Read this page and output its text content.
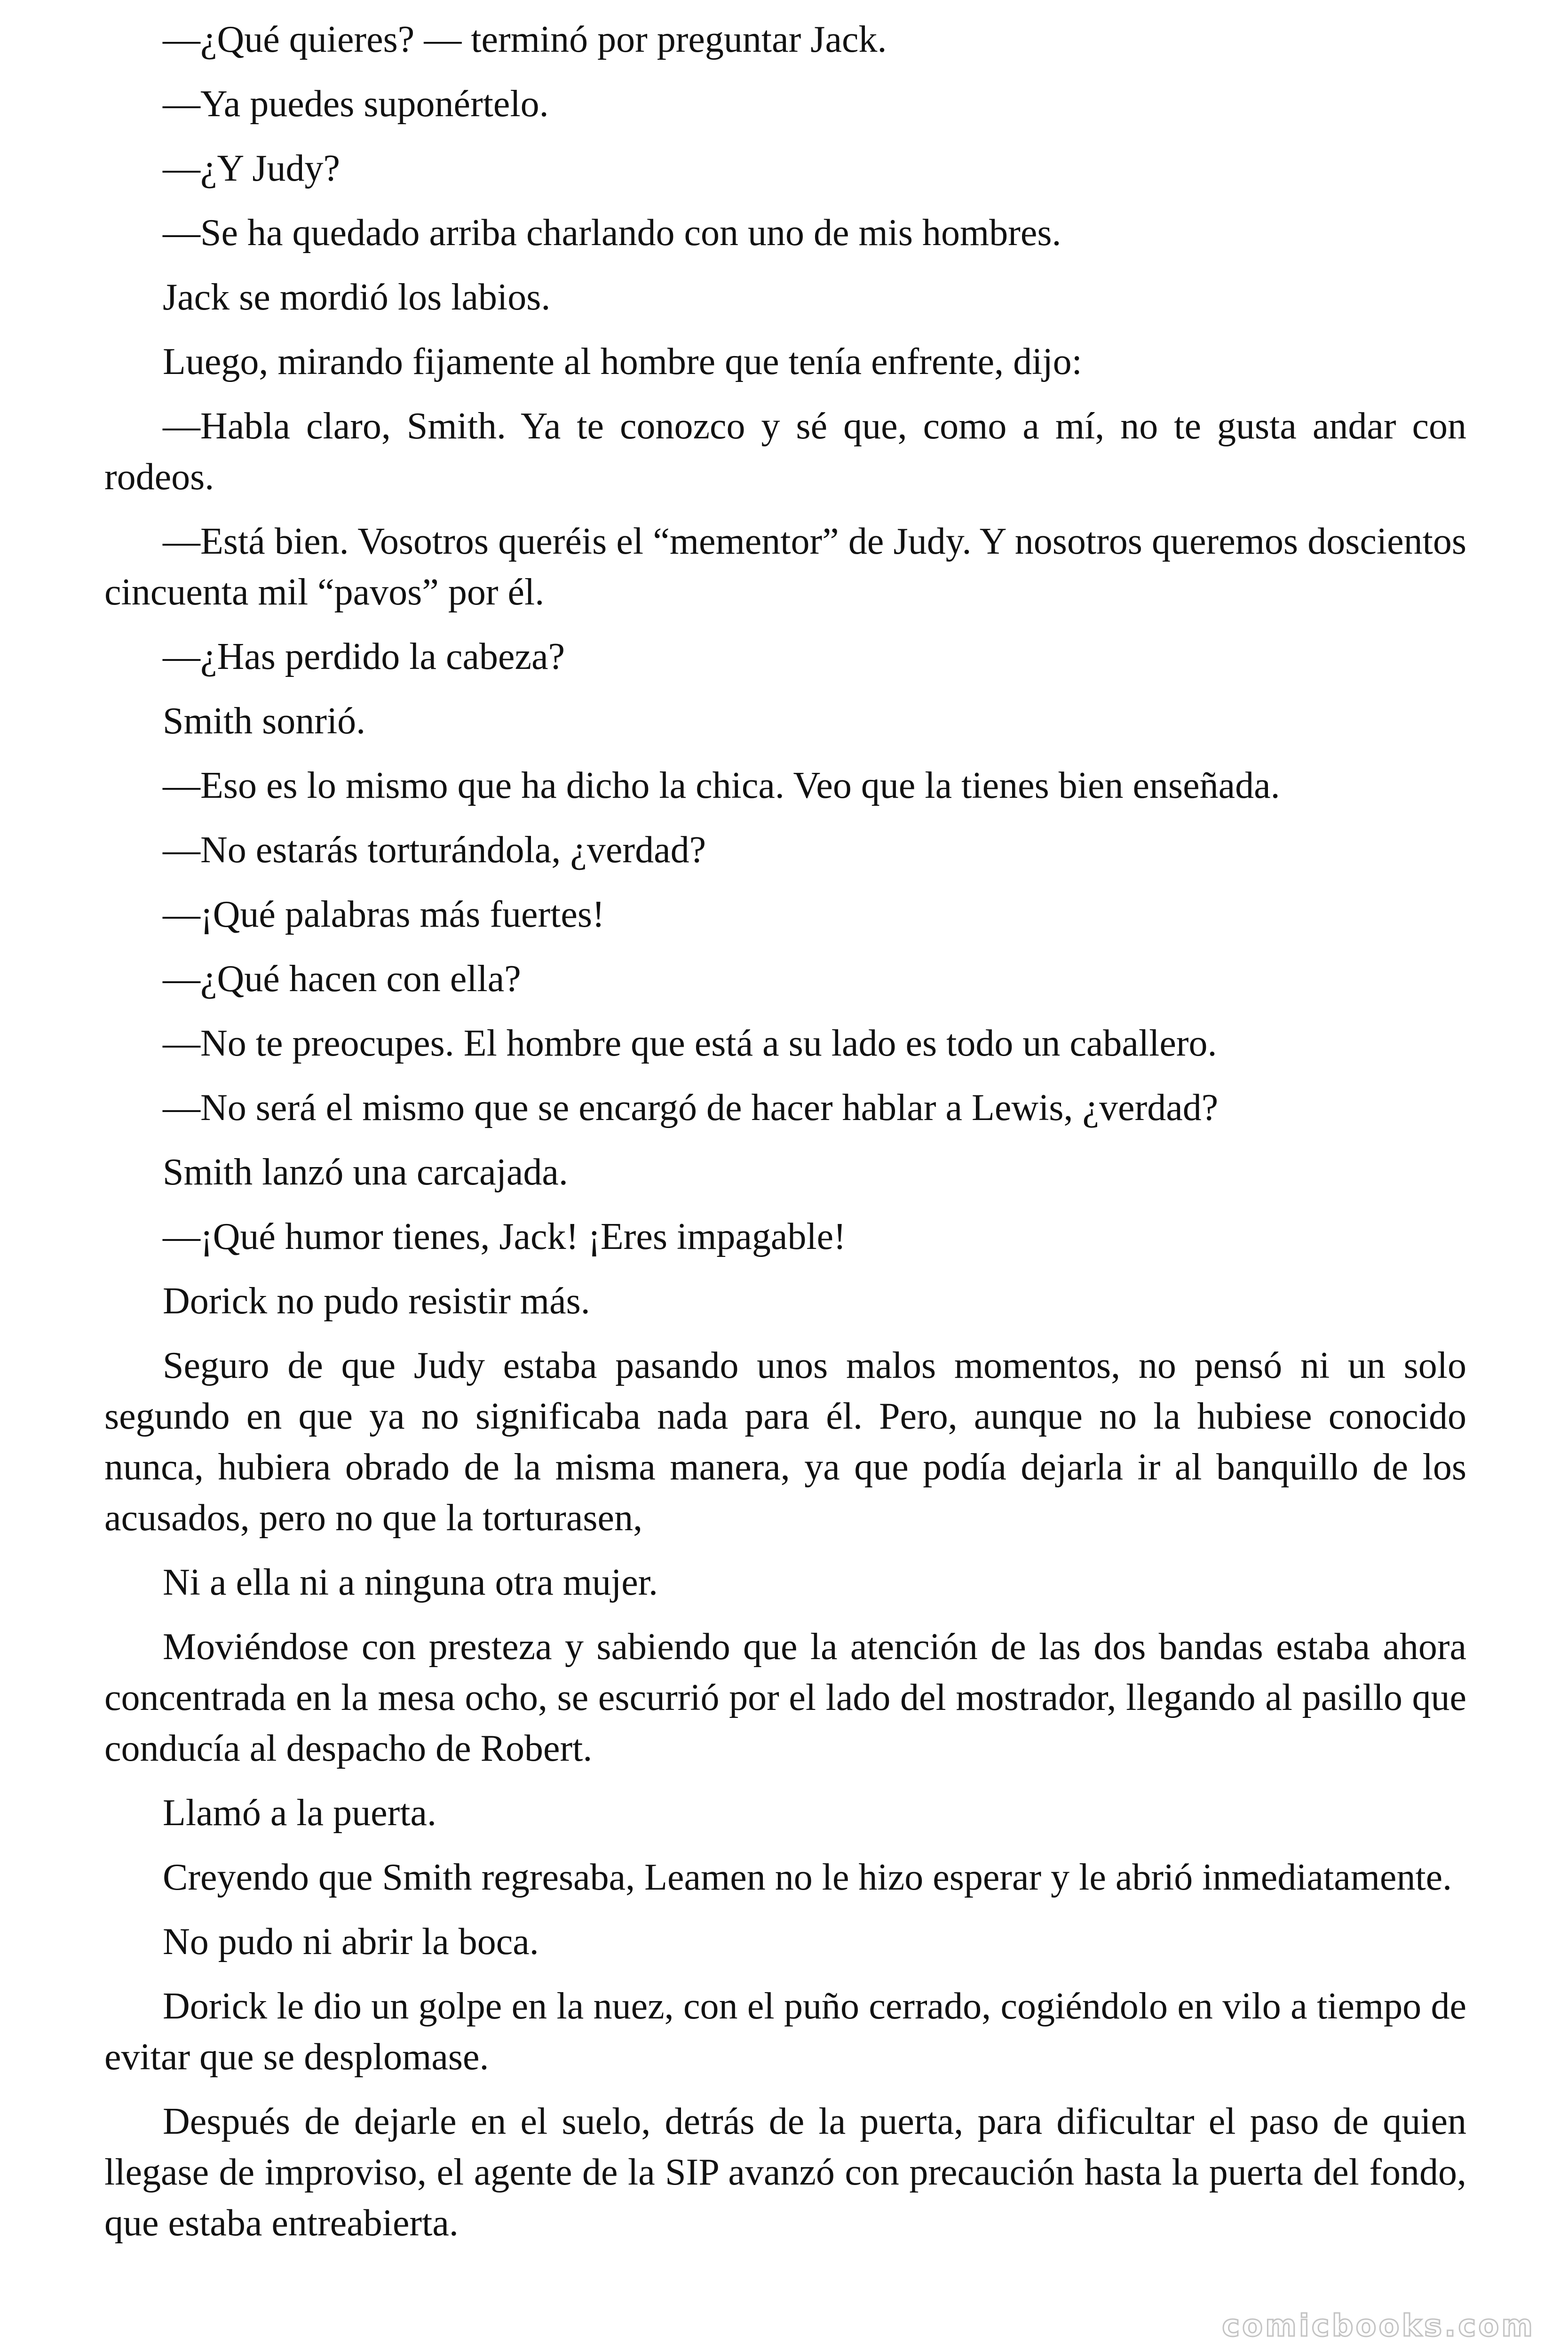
—¿Qué quieres? — terminó por preguntar Jack.

—Ya puedes suponértelo.

—¿Y Judy?

—Se ha quedado arriba charlando con uno de mis hombres.

Jack se mordió los labios.

Luego, mirando fijamente al hombre que tenía enfrente, dijo:

—Habla claro, Smith. Ya te conozco y sé que, como a mí, no te gusta andar con rodeos.

—Está bien. Vosotros queréis el “mementor” de Judy. Y nosotros queremos doscientos cincuenta mil “pavos” por él.

—¿Has perdido la cabeza?

Smith sonrió.

—Eso es lo mismo que ha dicho la chica. Veo que la tienes bien enseñada.

—No estarás torturándola, ¿verdad?

—¡Qué palabras más fuertes!

—¿Qué hacen con ella?

—No te preocupes. El hombre que está a su lado es todo un caballero.

—No será el mismo que se encargó de hacer hablar a Lewis, ¿verdad?

Smith lanzó una carcajada.

—¡Qué humor tienes, Jack! ¡Eres impagable!

Dorick no pudo resistir más.

Seguro de que Judy estaba pasando unos malos momentos, no pensó ni un solo segundo en que ya no significaba nada para él. Pero, aunque no la hubiese conocido nunca, hubiera obrado de la misma manera, ya que podía dejarla ir al banquillo de los acusados, pero no que la torturasen,

Ni a ella ni a ninguna otra mujer.

Moviéndose con presteza y sabiendo que la atención de las dos bandas estaba ahora concentrada en la mesa ocho, se escurrió por el lado del mostrador, llegando al pasillo que conducía al despacho de Robert.

Llamó a la puerta.

Creyendo que Smith regresaba, Leamen no le hizo esperar y le abrió inmediatamente.

No pudo ni abrir la boca.

Dorick le dio un golpe en la nuez, con el puño cerrado, cogiéndolo en vilo a tiempo de evitar que se desplomase.

Después de dejarle en el suelo, detrás de la puerta, para dificultar el paso de quien llegase de improviso, el agente de la SIP avanzó con precaución hasta la puerta del fondo, que estaba entreabierta.

comicbooks.com
